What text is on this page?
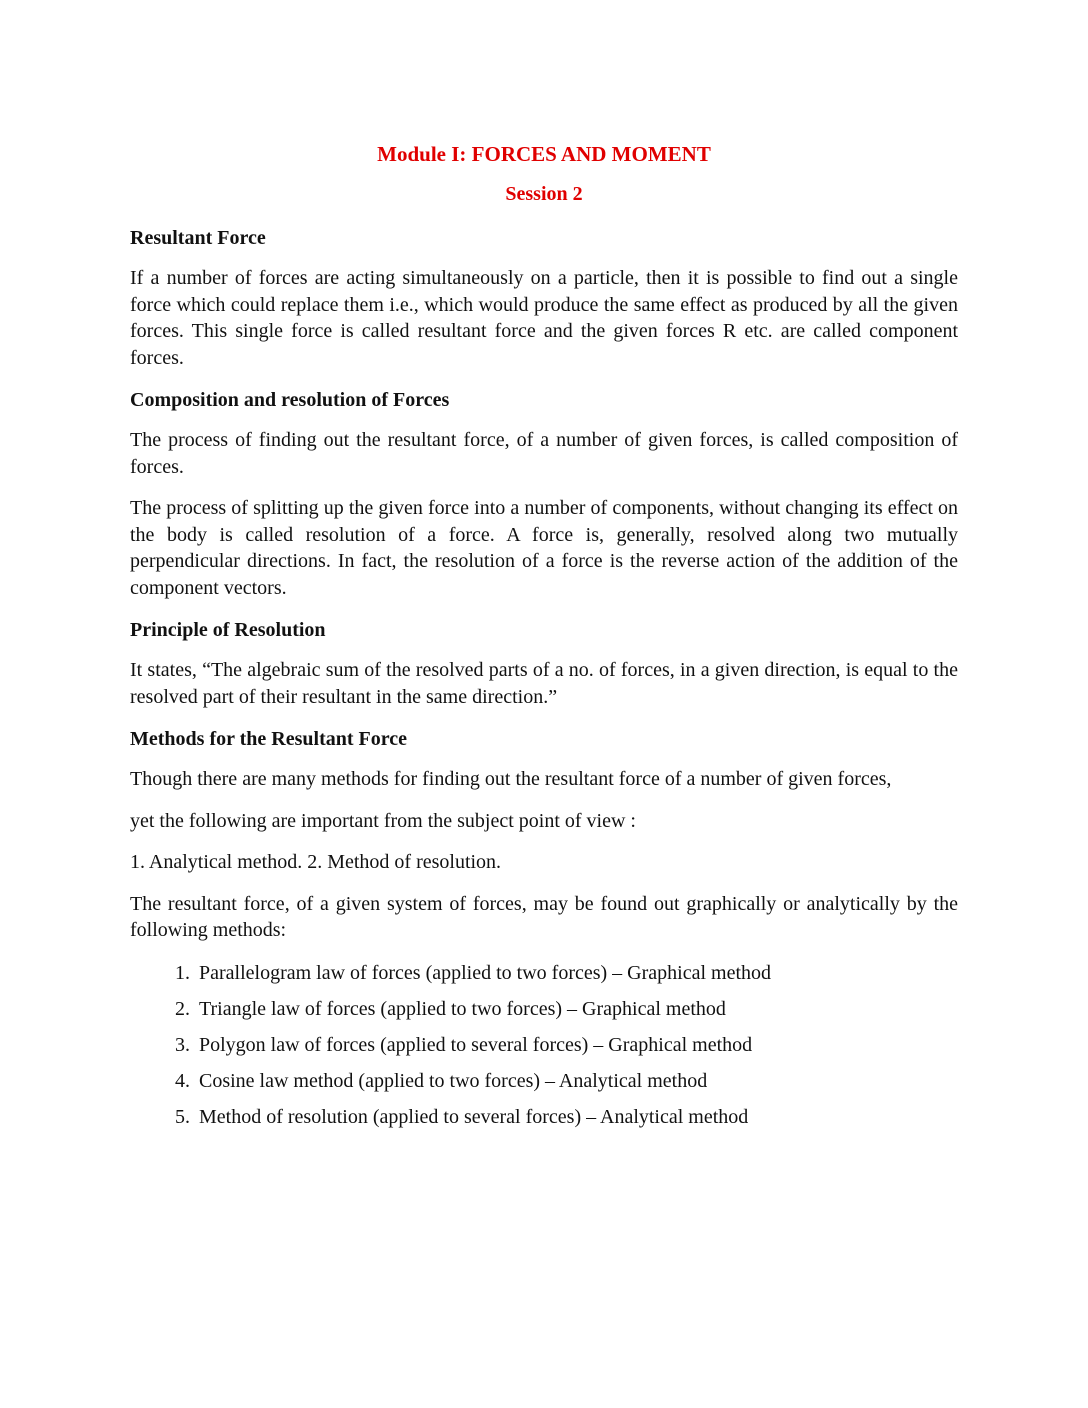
Module I: FORCES AND MOMENT
Session 2
Resultant Force

If a number of forces are acting simultaneously on a particle, then it is possible to find out a single force which could replace them i.e., which would produce the same effect as produced by all the given forces. This single force is called resultant force and the given forces R etc. are called component forces.

Composition and resolution of Forces

The process of finding out the resultant force, of a number of given forces, is called composition of forces.

The process of splitting up the given force into a number of components, without changing its effect on the body is called resolution of a force. A force is, generally, resolved along two mutually perpendicular directions. In fact, the resolution of a force is the reverse action of the addition of the component vectors.

Principle of Resolution

It states, “The algebraic sum of the resolved parts of a no. of forces, in a given direction, is equal to the resolved part of their resultant in the same direction.”

Methods for the Resultant Force

Though there are many methods for finding out the resultant force of a number of given forces,

yet the following are important from the subject point of view :

1. Analytical method. 2. Method of resolution.

The resultant force, of a given system of forces, may be found out graphically or analytically by the following methods:

1. Parallelogram law of forces (applied to two forces) – Graphical method
2. Triangle law of forces (applied to two forces) – Graphical method
3. Polygon law of forces (applied to several forces) – Graphical method
4. Cosine law method (applied to two forces) – Analytical method
5. Method of resolution (applied to several forces) – Analytical method
